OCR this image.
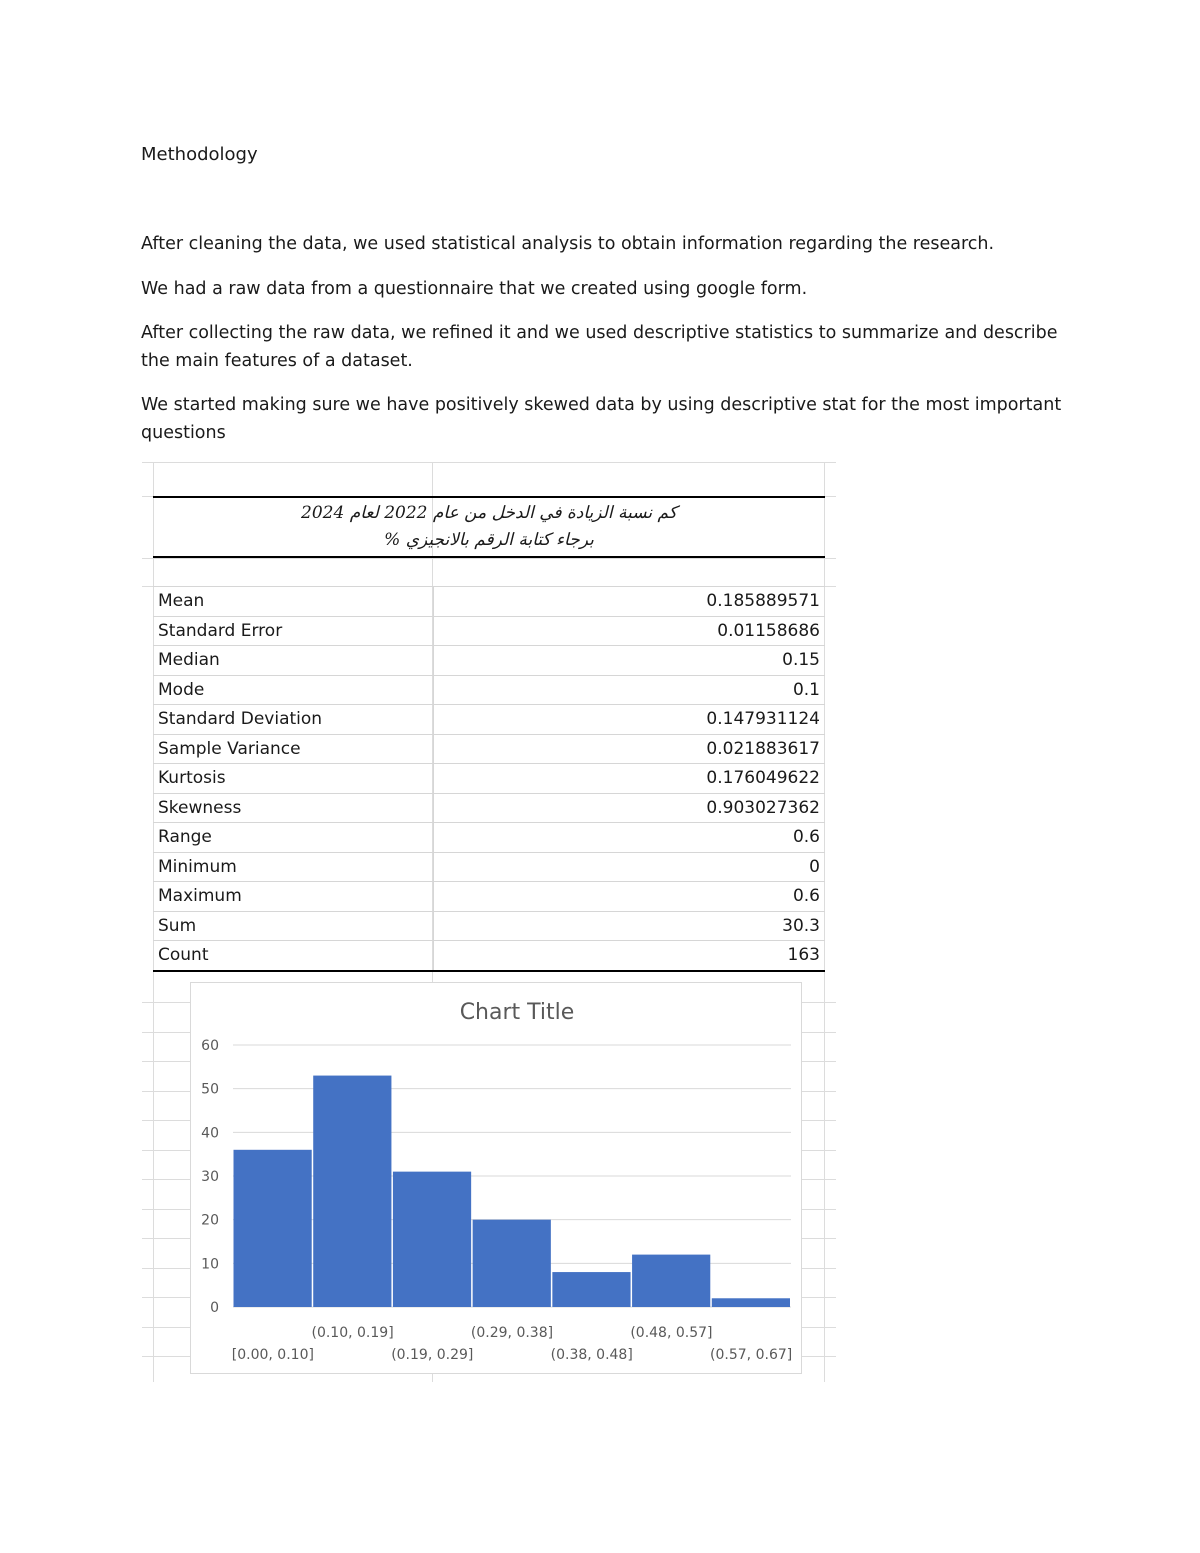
Methodology

After cleaning the data, we used statistical analysis to obtain information regarding the research.

We had a raw data from a questionnaire that we created using google form.

After collecting the raw data, we refined it and we used descriptive statistics to summarize and describe the main features of a dataset.

We started making sure we have positively skewed data by using descriptive stat for the most important questions

كم نسبة الزيادة في الدخل من عام 2022 لعام 2024
برجاء كتابة الرقم بالانجيزي %	

Mean	0.185889571
Standard Error	0.01158686
Median	0.15
Mode	0.1
Standard Deviation	0.147931124
Sample Variance	0.021883617
Kurtosis	0.176049622
Skewness	0.903027362
Range	0.6
Minimum	0
Maximum	0.6
Sum	30.3
Count	163
Chart Title
0
10
20
30
40
50
60
[0.00, 0.10]
(0.10, 0.19]
(0.19, 0.29]
(0.29, 0.38]
(0.38, 0.48]
(0.48, 0.57]
(0.57, 0.67]
